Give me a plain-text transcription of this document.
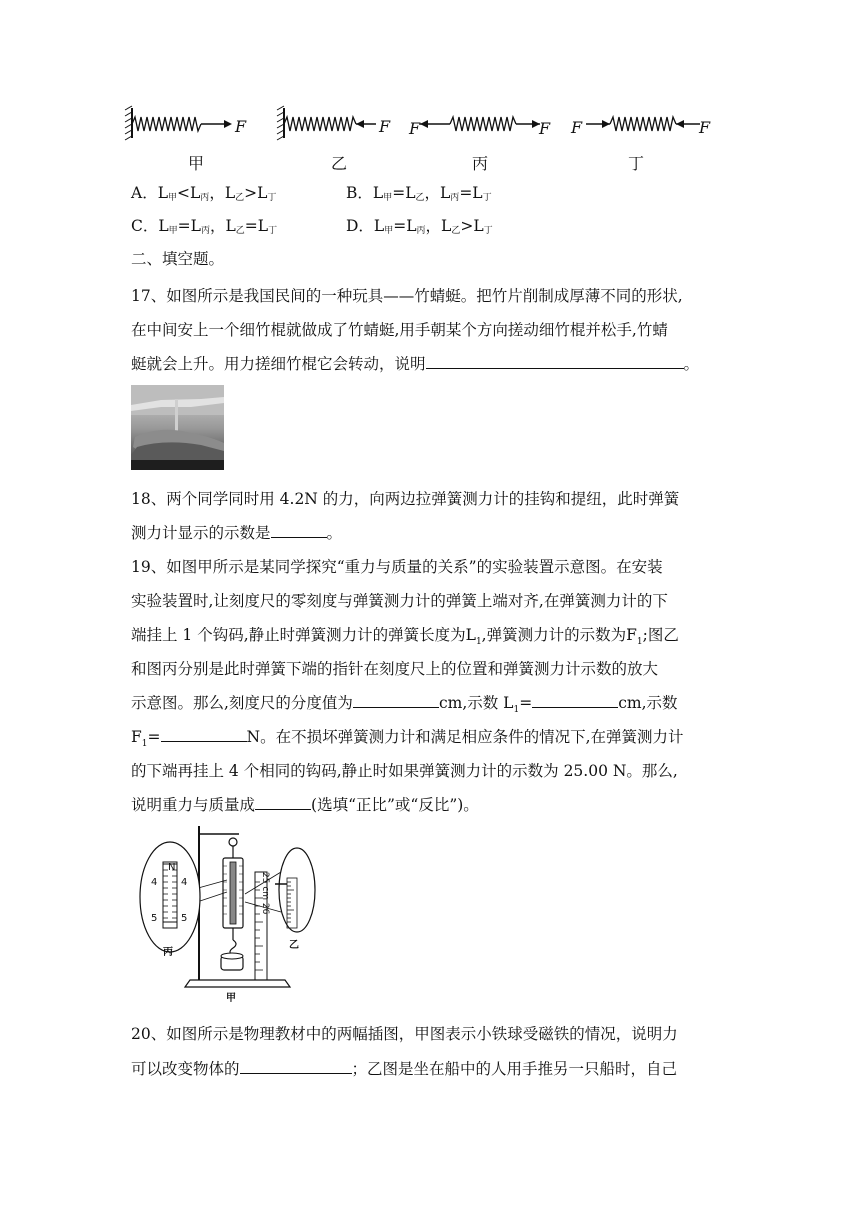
F	F F	F F	F
甲	乙	丙	丁
A．L甲<L丙，L乙>L丁	B．L甲=L乙，L丙=L丁
C．L甲=L丙，L乙=L丁	D．L甲=L丙，L乙>L丁
二、填空题。
17、如图所示是我国民间的一种玩具——竹蜻蜓。把竹片削制成厚薄不同的形状,
在中间安上一个细竹棍就做成了竹蜻蜓,用手朝某个方向搓动细竹棍并松手,竹蜻
蜓就会上升。用力搓细竹棍它会转动，说明	。
18、两个同学同时用 4.2N 的力，向两边拉弹簧测力计的挂钩和提纽，此时弹簧
测力计显示的示数是	。
19、如图甲所示是某同学探究“重力与质量的关系”的实验装置示意图。在安装
实验装置时,让刻度尺的零刻度与弹簧测力计的弹簧上端对齐,在弹簧测力计的下
端挂上 1 个钩码,静止时弹簧测力计的弹簧长度为$L_1$,弹簧测力计的示数为$F_1$;图乙
和图丙分别是此时弹簧下端的指针在刻度尺上的位置和弹簧测力计示数的放大
示意图。那么,刻度尺的分度值为	cm,示数 $L_1=$	cm,示数
$F_1=$	N。在不损坏弹簧测力计和满足相应条件的情况下,在弹簧测力计
的下端再挂上 4 个相同的钩码,静止时如果弹簧测力计的示数为 25.00 N。那么,
说明重力与质量成	(选填“正比”或“反比”)。
N
4 4
5 5
丙
乙
甲
25 cm 26
20、如图所示是物理教材中的两幅插图，甲图表示小铁球受磁铁的情况，说明力
可以改变物体的	；乙图是坐在船中的人用手推另一只船时，自己
